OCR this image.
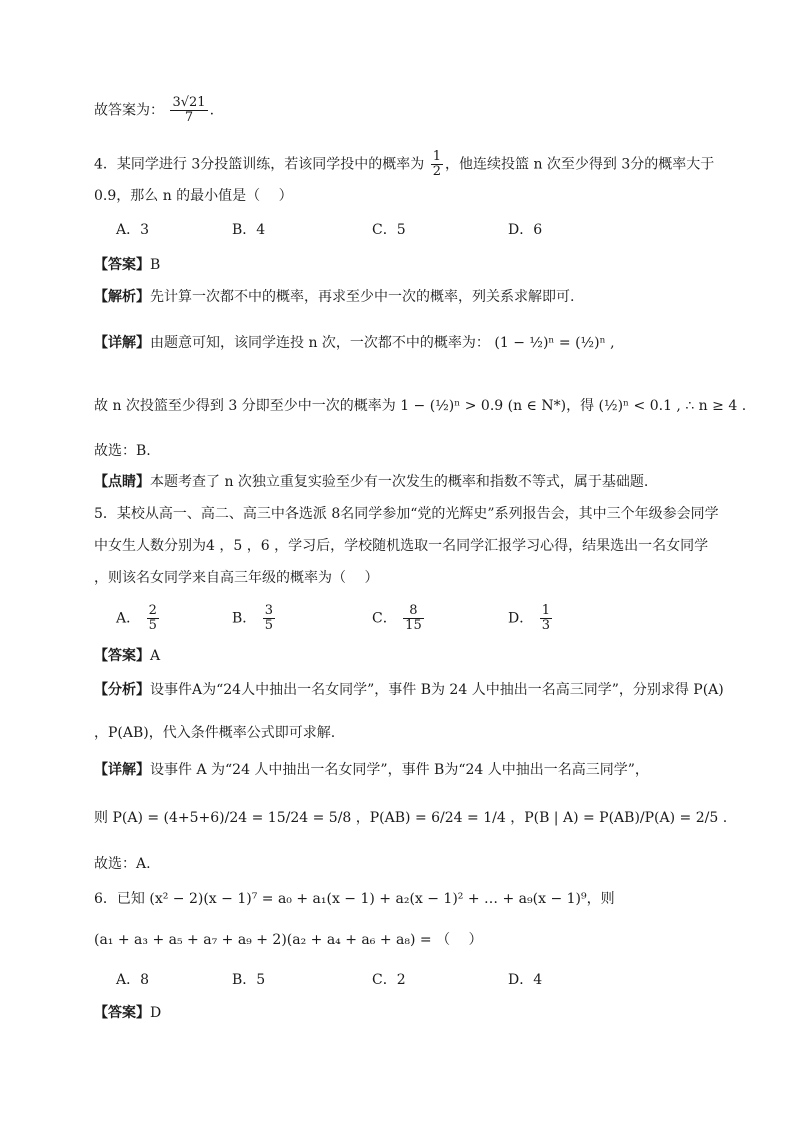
故答案为： $\frac{3√21}{7}$ .
4．某同学进行 3分投篮训练，若该同学投中的概率为 $\frac{1}{2}$ ，他连续投篮 n 次至少得到 3分的概率大于
0.9，那么 n 的最小值是（　 ）
A．3	B．4	C．5	D．6
【答案】B
【解析】先计算一次都不中的概率，再求至少中一次的概率，列关系求解即可.
【详解】由题意可知，该同学连投 n 次，一次都不中的概率为： (1 − ½)ⁿ = (½)ⁿ ,
故 n 次投篮至少得到 3 分即至少中一次的概率为 1 − (½)ⁿ > 0.9 (n ∈ N*)，得 (½)ⁿ < 0.1 , ∴ n ≥ 4 .
故选：B.
【点睛】本题考查了 n 次独立重复实验至少有一次发生的概率和指数不等式，属于基础题.
5．某校从高一、高二、高三中各选派 8名同学参加“党的光辉史”系列报告会，其中三个年级参会同学
中女生人数分别为4 ，5 ，6 ，学习后，学校随机选取一名同学汇报学习心得，结果选出一名女同学
，则该名女同学来自高三年级的概率为（　 ）
A． $\frac{2}{5}$	B． $\frac{3}{5}$	C． $\frac{8}{15}$	D． $\frac{1}{3}$
【答案】A
【分析】设事件A为“24人中抽出一名女同学”，事件 B为 24 人中抽出一名高三同学”，分别求得 P(A)
，P(AB)，代入条件概率公式即可求解.
【详解】设事件 A 为“24 人中抽出一名女同学”，事件 B为“24 人中抽出一名高三同学”，
则 P(A) = (4+5+6)/24 = 15/24 = 5/8 ，P(AB) = 6/24 = 1/4 ，P(B | A) = P(AB)/P(A) = 2/5 .
故选：A.
6．已知 (x² − 2)(x − 1)⁷ = a₀ + a₁(x − 1) + a₂(x − 1)² + … + a₉(x − 1)⁹，则
(a₁ + a₃ + a₅ + a₇ + a₉ + 2)(a₂ + a₄ + a₆ + a₈) = （　 ）
A．8	B．5	C．2	D．4
【答案】D
